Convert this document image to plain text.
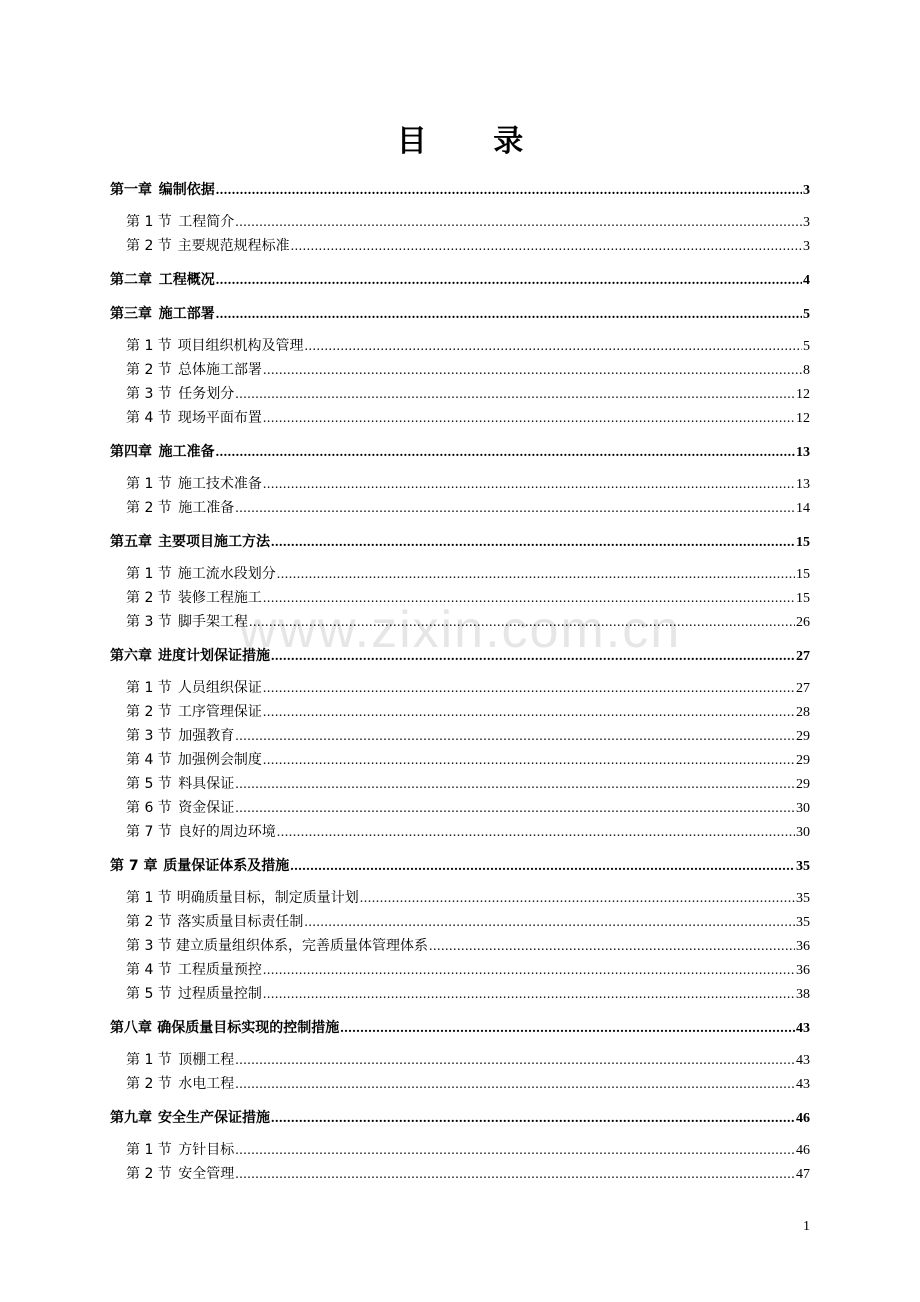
目 录
www.zixin.com.cn
第一章 编制依据 .....	3
第 1 节 工程简介 .....	3
第 2 节 主要规范规程标准 .....	3
第二章 工程概况 .....	4
第三章 施工部署 .....	5
第 1 节 项目组织机构及管理 .....	5
第 2 节 总体施工部署 .....	8
第 3 节 任务划分 .....	12
第 4 节 现场平面布置 .....	12
第四章 施工准备 .....	13
第 1 节 施工技术准备 .....	13
第 2 节 施工准备 .....	14
第五章 主要项目施工方法 .....	15
第 1 节 施工流水段划分 .....	15
第 2 节 装修工程施工 .....	15
第 3 节 脚手架工程 .....	26
第六章 进度计划保证措施 .....	27
第 1 节 人员组织保证 .....	27
第 2 节 工序管理保证 .....	28
第 3 节 加强教育 .....	29
第 4 节 加强例会制度 .....	29
第 5 节 料具保证 .....	29
第 6 节 资金保证 .....	30
第 7 节 良好的周边环境 .....	30
第 7 章 质量保证体系及措施 .....	35
第 1 节 明确质量目标，制定质量计划 .....	35
第 2 节 落实质量目标责任制 .....	35
第 3 节 建立质量组织体系，完善质量体管理体系 .....	36
第 4 节 工程质量预控 .....	36
第 5 节 过程质量控制 .....	38
第八章 确保质量目标实现的控制措施 .....	43
第 1 节 顶棚工程 .....	43
第 2 节 水电工程 .....	43
第九章 安全生产保证措施 .....	46
第 1 节 方针目标 .....	46
第 2 节 安全管理 .....	47
1
